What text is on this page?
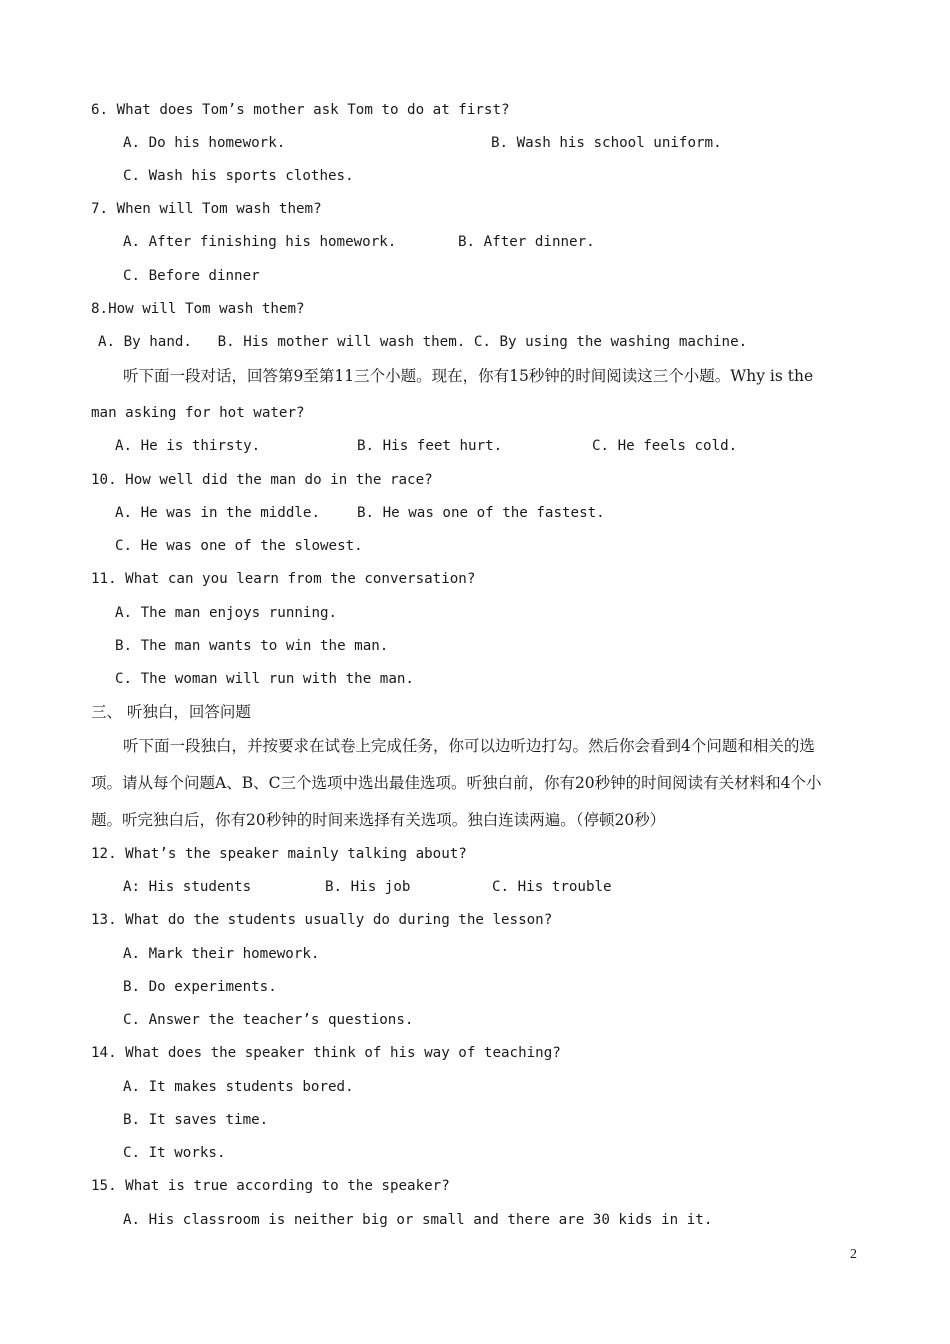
6. What does Tom’s mother ask Tom to do at first?
A. Do his homework.	B. Wash his school uniform.
C. Wash his sports clothes.
7. When will Tom wash them?
A. After finishing his homework.	B. After dinner.
C. Before dinner
8.How will Tom wash them?
A. By hand.   B. His mother will wash them. C. By using the washing machine.
听下面一段对话，回答第9至第11三个小题。现在，你有15秒钟的时间阅读这三个小题。Why is the
man asking for hot water?
A. He is thirsty.	B. His feet hurt.	C. He feels cold.
10. How well did the man do in the race?
A. He was in the middle.	B. He was one of the fastest.
C. He was one of the slowest.
11. What can you learn from the conversation?
A. The man enjoys running.
B. The man wants to win the man.
C. The woman will run with the man.
三、 听独白，回答问题
听下面一段独白，并按要求在试卷上完成任务，你可以边听边打勾。然后你会看到4个问题和相关的选
项。请从每个问题A、B、C三个选项中选出最佳选项。听独白前，你有20秒钟的时间阅读有关材料和4个小
题。听完独白后，你有20秒钟的时间来选择有关选项。独白连读两遍。（停顿20秒）
12. What’s the speaker mainly talking about?
A: His students	B. His job	C. His trouble
13. What do the students usually do during the lesson?
A. Mark their homework.
B. Do experiments.
C. Answer the teacher’s questions.
14. What does the speaker think of his way of teaching?
A. It makes students bored.
B. It saves time.
C. It works.
15. What is true according to the speaker?
A. His classroom is neither big or small and there are 30 kids in it.
2
